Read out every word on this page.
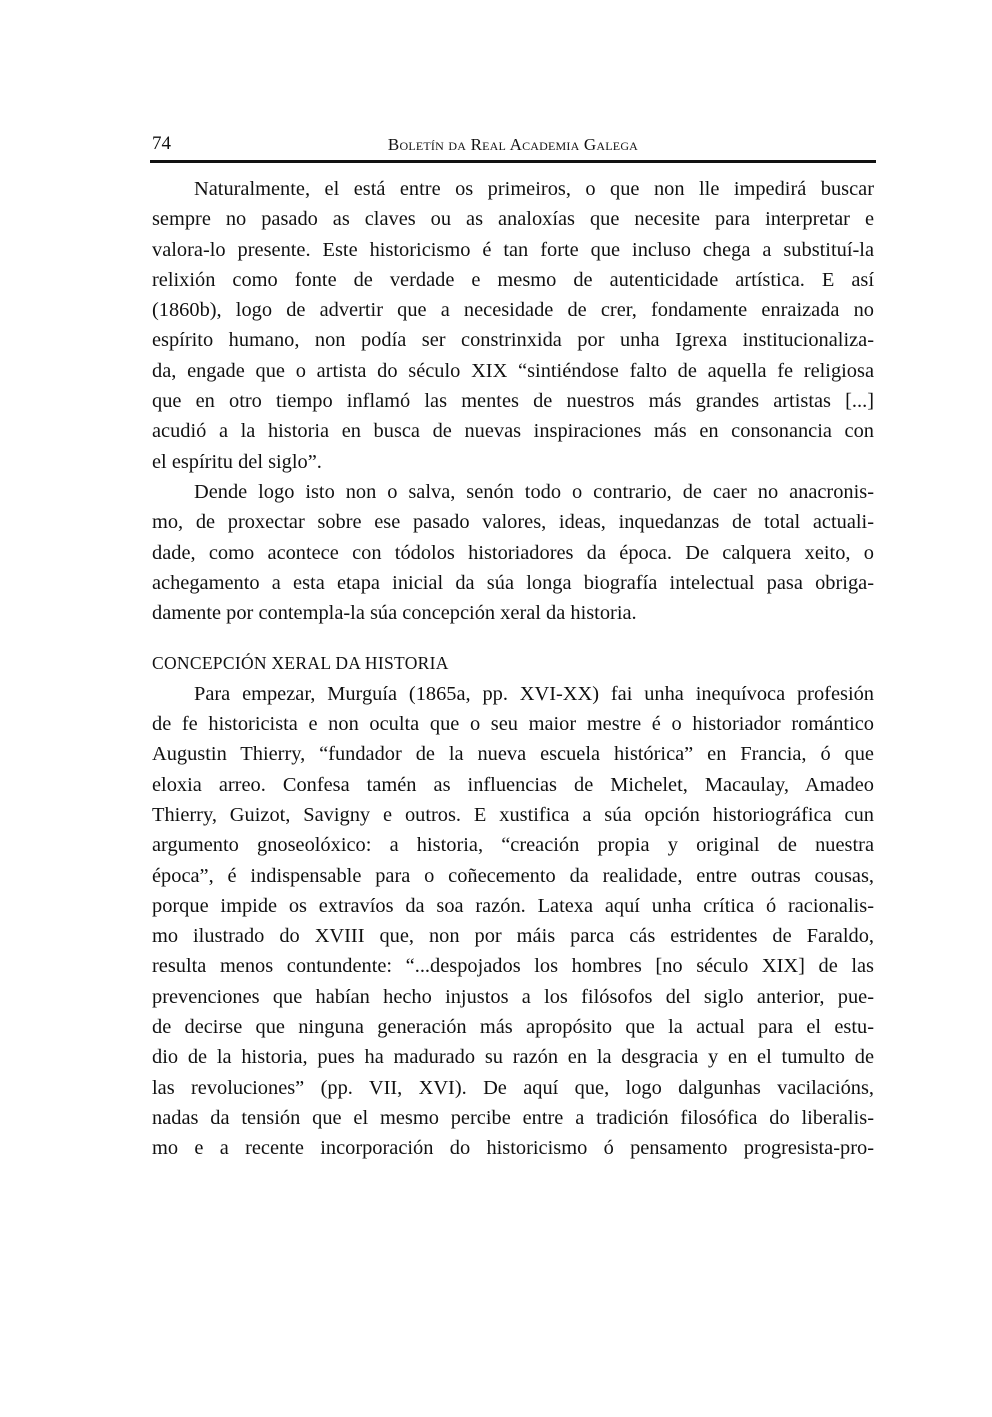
74	Boletín da Real Academia Galega
Naturalmente, el está entre os primeiros, o que non lle impedirá buscar
sempre no pasado as claves ou as analoxías que necesite para interpretar e
valora-lo presente. Este historicismo é tan forte que incluso chega a substituí-la
relixión como fonte de verdade e mesmo de autenticidade artística. E así
(1860b), logo de advertir que a necesidade de crer, fondamente enraizada no
espírito humano, non podía ser constrinxida por unha Igrexa institucionaliza-
da, engade que o artista do século XIX “sintiéndose falto de aquella fe religiosa
que en otro tiempo inflamó las mentes de nuestros más grandes artistas [...]
acudió a la historia en busca de nuevas inspiraciones más en consonancia con
el espíritu del siglo”.
Dende logo isto non o salva, senón todo o contrario, de caer no anacronis-
mo, de proxectar sobre ese pasado valores, ideas, inquedanzas de total actuali-
dade, como acontece con tódolos historiadores da época. De calquera xeito, o
achegamento a esta etapa inicial da súa longa biografía intelectual pasa obriga-
damente por contempla-la súa concepción xeral da historia.
CONCEPCIÓN XERAL DA HISTORIA
Para empezar, Murguía (1865a, pp. XVI-XX) fai unha inequívoca profesión
de fe historicista e non oculta que o seu maior mestre é o historiador romántico
Augustin Thierry, “fundador de la nueva escuela histórica” en Francia, ó que
eloxia arreo. Confesa tamén as influencias de Michelet, Macaulay, Amadeo
Thierry, Guizot, Savigny e outros. E xustifica a súa opción historiográfica cun
argumento gnoseolóxico: a historia, “creación propia y original de nuestra
época”, é indispensable para o coñecemento da realidade, entre outras cousas,
porque impide os extravíos da soa razón. Latexa aquí unha crítica ó racionalis-
mo ilustrado do XVIII que, non por máis parca cás estridentes de Faraldo,
resulta menos contundente: “...despojados los hombres [no século XIX] de las
prevenciones que habían hecho injustos a los filósofos del siglo anterior, pue-
de decirse que ninguna generación más apropósito que la actual para el estu-
dio de la historia, pues ha madurado su razón en la desgracia y en el tumulto de
las revoluciones” (pp. VII, XVI). De aquí que, logo dalgunhas vacilacións,
nadas da tensión que el mesmo percibe entre a tradición filosófica do liberalis-
mo e a recente incorporación do historicismo ó pensamento progresista-pro-
